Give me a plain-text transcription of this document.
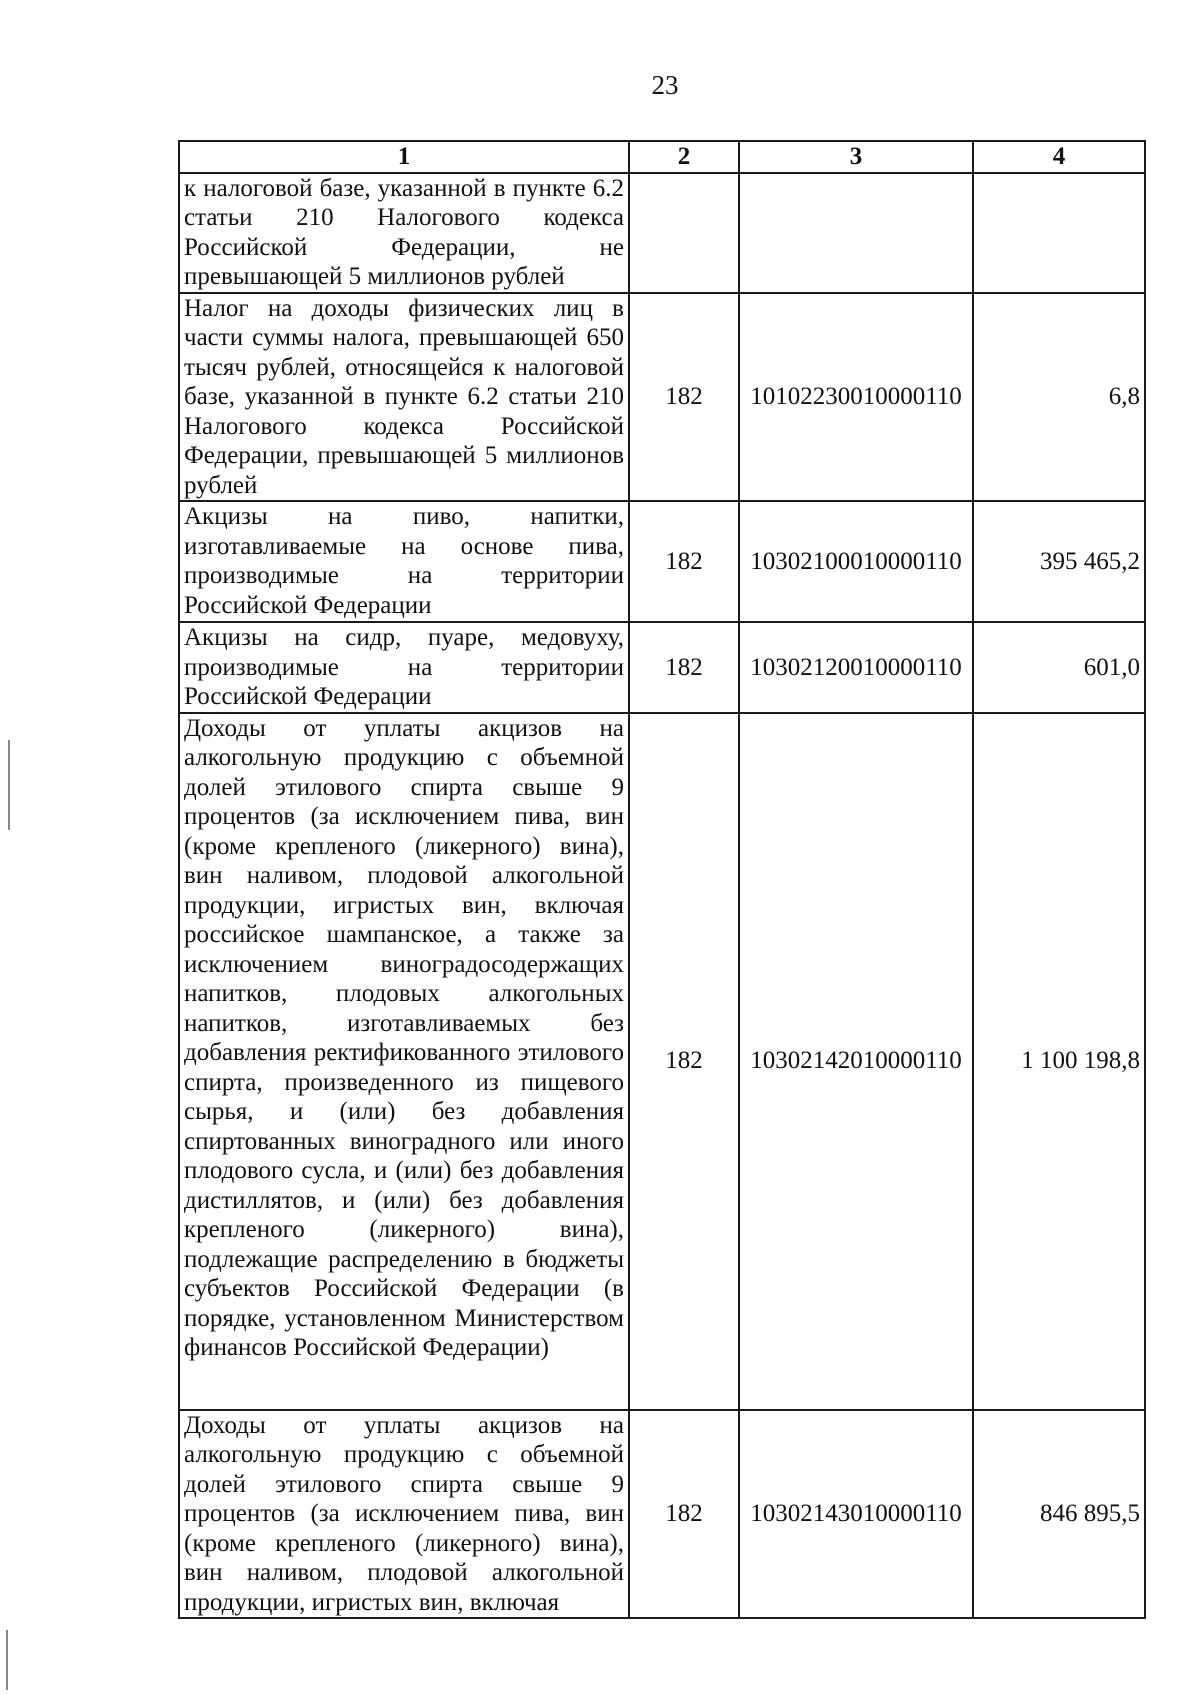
23
1	2	3	4
к налоговой базе, указанной в пункте 6.2 статьи 210 Налогового кодекса Российской Федерации, не превышающей 5 миллионов рублей			
Налог на доходы физических лиц в части суммы налога, превышающей 650 тысяч рублей, относящейся к налоговой базе, указанной в пункте 6.2 статьи 210 Налогового кодекса Российской Федерации, превышающей 5 миллионов рублей	182	10102230010000110	6,8
Акцизы на пиво, напитки, изготавливаемые на основе пива, производимые на территории Российской Федерации	182	10302100010000110	395 465,2
Акцизы на сидр, пуаре, медовуху, производимые на территории Российской Федерации	182	10302120010000110	601,0
Доходы от уплаты акцизов на алкогольную продукцию с объемной долей этилового спирта свыше 9 процентов (за исключением пива, вин (кроме крепленого (ликерного) вина), вин наливом, плодовой алкогольной продукции, игристых вин, включая российское шампанское, а также за исключением виноградосодержащих напитков, плодовых алкогольных напитков, изготавливаемых без добавления ректификованного этилового спирта, произведенного из пищевого сырья, и (или) без добавления спиртованных виноградного или иного плодового сусла, и (или) без добавления дистиллятов, и (или) без добавления крепленого (ликерного) вина), подлежащие распределению в бюджеты субъектов Российской Федерации (в порядке, установленном Министерством финансов Российской Федерации)	182	10302142010000110	1 100 198,8
Доходы от уплаты акцизов на алкогольную продукцию с объемной долей этилового спирта свыше 9 процентов (за исключением пива, вин (кроме крепленого (ликерного) вина), вин наливом, плодовой алкогольной продукции, игристых вин, включая	182	10302143010000110	846 895,5
